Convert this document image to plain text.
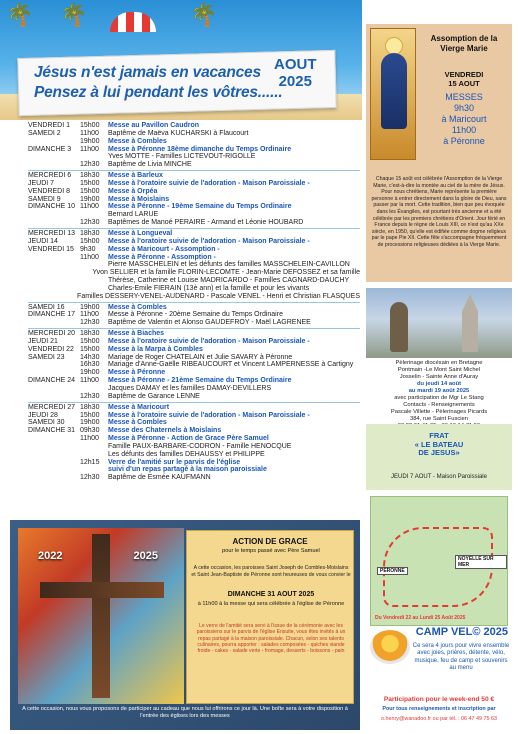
🌴 🌴	🌴
Jésus n'est jamais en vacances
Pensez à lui pendant les vôtres......
AOUT
2025
VENDREDI 1	15h00	Messe au Pavillon Caudron
SAMEDI 2	11h00	Baptême de Maëva KUCHARSKI à Flaucourt
19h00	Messe à Combles
DIMANCHE 3	11h00	Messe à Péronne 18ème dimanche du Temps Ordinaire
Yves MOTTE - Familles LICTEVOUT-RIGOLLE
12h30	Baptême de Livia MINCHE
MERCREDI 6	18h30	Messe à Barleux
JEUDI 7	15h00	Messe à l'oratoire suivie de l'adoration - Maison Paroissiale -
VENDREDI 8	15h00	Messe à Orpéa
SAMEDI 9	19h00	Messe à Moislains
DIMANCHE 10 11h00	Messe à Péronne - 19ème Semaine du Temps Ordinaire
Bernard LARUE
12h30	Baptêmes de Manoé PERAIRE - Armand et Léonie HOUBARD
MERCREDI 13 18h30	Messe à Longueval
JEUDI 14	15h00	Messe à l'oratoire suivie de l'adoration - Maison Paroissiale -
VENDREDI 15 9h30	Messe à Maricourt - Assomption -
11h00	Messe à Péronne - Assomption -
Pierre MASSCHELEIN et les défunts des familles MASSCHELEIN-CAVILLON
Yvon SELLIER et la famille FLORIN-LECOMTE - Jean-Marie DEFOSSEZ et sa famille
Thérèse, Catherine et Louise MADRICARDO - Familles CAGNARD-DAUCHY
Charles-Emile FIERAIN (13è ann) et la famille et pour les vivants
Familles DESSERY-VENEL-AUDENARD - Pascale VENEL - Henri et Christian FLASQUES
SAMEDI 16	19h00	Messe à Combles
DIMANCHE 17 11h00	Messe à Péronne - 20ème Semaine du Temps Ordinaire
12h30	Baptême de Valentin et Alonso GAUDEFROY - Maël LAGRENEE
MERCREDI 20 18h30	Messe à Biaches
JEUDI 21	15h00	Messe à l'oratoire suivie de l'adoration - Maison Paroissiale -
VENDREDI 22 15h00	Messe à la Marpa à Combles
SAMEDI 23	14h30	Mariage de Roger CHATELAIN et Julie SAVARY à Péronne
16h30	Mariage d'Anne-Gaëlle RIBEAUCOURT et Vincent LAMPERNESSE à Cartigny
19h00	Messe à Péronne
DIMANCHE 24 11h00	Messe à Péronne - 21ème Semaine du Temps Ordinaire
Jacques DAMAY et les familles DAMAY-DEVILLERS
12h30	Baptême de Garance LENNE
MERCREDI 27 18h30	Messe à Maricourt
JEUDI 28	15h00	Messe à l'oratoire suivie de l'adoration - Maison Paroissiale -
SAMEDI 30	19h00	Messe à Combles
DIMANCHE 31 09h30	Messe des Chaternels à Moislains
11h00	Messe à Péronne - Action de Grace Père Samuel
Famille PAUX-BARBARE-CODRON - Famille HENOCQUE
Les défunts des familles DEHAUSSY et PHILIPPE
12h15	Verre de l'amitié sur le parvis de l'église
suivi d'un repas partagé à la maison paroissiale
12h30	Baptême de Esmée KAUFMANN
Assomption de la Vierge Marie
VENDREDI
15 AOUT
MESSES
9h30
à Maricourt
11h00
à Péronne
Chaque 15 août est célébrée l'Assomption de la Vierge Marie, c'est-à-dire la montée au ciel de la mère de Jésus. Pour nous chrétiens, Marie représente la première personne à entrer directement dans la gloire de Dieu, sans passer par la mort. Cette tradition, bien que peu évoquée dans les Évangiles, est pourtant très ancienne et a été célébrée par les premiers chrétiens d'Orient. Jour férié en France depuis le règne de Louis XIII, ce n'est qu'au XXe siècle, en 1950, qu'elle est édifiée comme dogme religieux par le pape Pie XII. Cette fête s'accompagne fréquemment de processions religieuses dédiées à la Vierge Marie.
Pèlerinage diocésain en Bretagne
Pontmain -Le Mont Saint Michel
Josselin - Sainte Anne d'Auray
du jeudi 14 août
au mardi 19 août 2025
avec participation de Mgr Le Stang
Contacts - Renseignements
Pascale Villette - Pèlerinages Picards
384, rue Saint Fuscien
FRAT
« LE BATEAU
DE JESUS»
JEUDI 7 AOUT - Maison Paroissiale
PÉRONNE
NOYELLE SUR MER
Du Vendredi 22 au Lundi 25 Août 2025
CAMP VEL© 2025
Ce sera 4 jours pour vivre ensemble avec joies, prières, détente, vélo, musique, feu de camp et souvenirs au menu
Participation pour le week-end 50 €
Pour tous renseignements et inscription par
o.henry@wanadoo.fr ou par tél. : 06 47 49 75 63
2022	2025
ACTION DE GRACE
pour le temps passé avec Père Samuel
A cette occasion, les paroisses Saint Joseph de Combles-Moislains et Saint Jean-Baptiste de Péronne sont heureuses de vous convier le
DIMANCHE 31 AOUT 2025
à 11h00 à la messe qui sera célébrée à l'église de Péronne
Le verre de l'amitié sera servi à l'issue de la cérémonie avec les paroissiens sur le parvis de l'église Ensuite, vous êtes invités à un repas partagé à la maison paroissiale. Chacun, selon ses talents culinaires, pourra apporter : salades composées - quiches viande froide - cakes - salade verte - fromage, desserts - boissons - pain
A cette occasion, nous vous proposons de participer au cadeau que nous lui offrirons ce jour là. Une boîte sera à votre disposition à l'entrée des églises lors des messes
